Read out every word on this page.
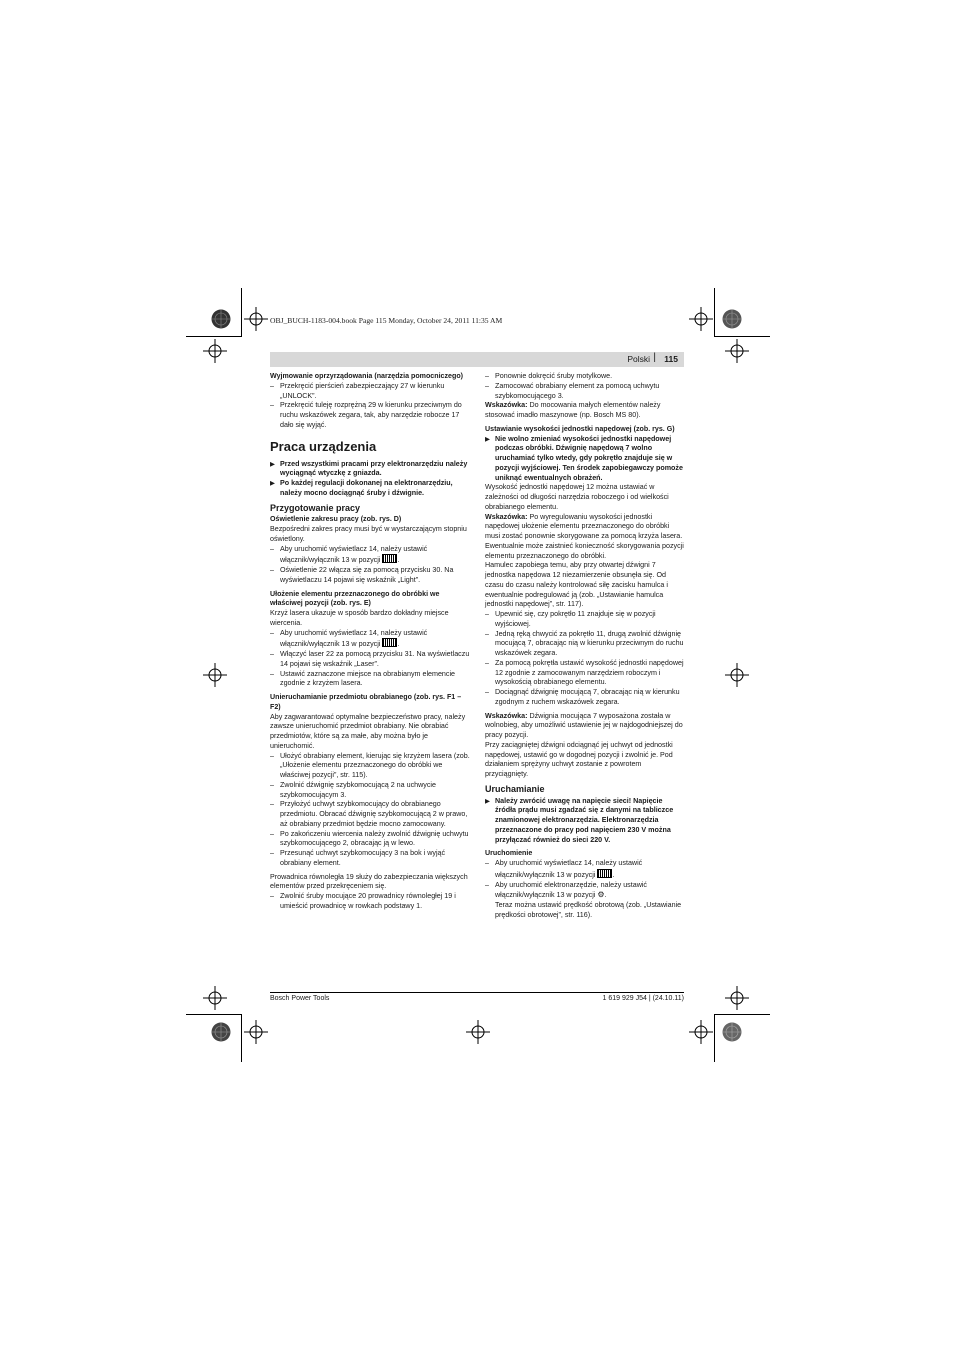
OBJ_BUCH-1183-004.book Page 115 Monday, October 24, 2011 11:35 AM
Polski | 115

Wyjmowanie oprzyrządowania (narzędzia pomocniczego)

– Przekręcić pierścień zabezpieczający 27 w kierunku „UNLOCK”.

– Przekręcić tuleję rozprężną 29 w kierunku przeciwnym do ruchu wskazówek zegara, tak, aby narzędzie robocze 17 dało się wyjąć.

Praca urządzenia

▶ Przed wszystkimi pracami przy elektronarzędziu należy wyciągnąć wtyczkę z gniazda.

▶ Po każdej regulacji dokonanej na elektronarzędziu, należy mocno dociągnąć śruby i dźwignie.

Przygotowanie pracy

Oświetlenie zakresu pracy (zob. rys. D)

Bezpośredni zakres pracy musi być w wystarczającym stopniu oświetlony.

– Aby uruchomić wyświetlacz 14, należy ustawić włącznik/wyłącznik 13 w pozycji .

– Oświetlenie 22 włącza się za pomocą przycisku 30. Na wyświetlaczu 14 pojawi się wskaźnik „Light”.

Ułożenie elementu przeznaczonego do obróbki we właściwej pozycji (zob. rys. E)

Krzyż lasera ukazuje w sposób bardzo dokładny miejsce wiercenia.

– Aby uruchomić wyświetlacz 14, należy ustawić włącznik/wyłącznik 13 w pozycji .

– Włączyć laser 22 za pomocą przycisku 31. Na wyświetlaczu 14 pojawi się wskaźnik „Laser”.

– Ustawić zaznaczone miejsce na obrabianym elemencie zgodnie z krzyżem lasera.

Unieruchamianie przedmiotu obrabianego (zob. rys. F1 – F2)

Aby zagwarantować optymalne bezpieczeństwo pracy, należy zawsze unieruchomić przedmiot obrabiany. Nie obrabiać przedmiotów, które są za małe, aby można było je unieruchomić.

– Ułożyć obrabiany element, kierując się krzyżem lasera (zob. „Ułożenie elementu przeznaczonego do obróbki we właściwej pozycji”, str. 115).

– Zwolnić dźwignię szybkomocującą 2 na uchwycie szybkomocującym 3.

– Przyłożyć uchwyt szybkomocujący do obrabianego przedmiotu. Obracać dźwignię szybkomocującą 2 w prawo, aż obrabiany przedmiot będzie mocno zamocowany.

– Po zakończeniu wiercenia należy zwolnić dźwignię uchwytu szybkomocującego 2, obracając ją w lewo.

– Przesunąć uchwyt szybkomocujący 3 na bok i wyjąć obrabiany element.

Prowadnica równoległa 19 służy do zabezpieczania większych elementów przed przekręceniem się.

– Zwolnić śruby mocujące 20 prowadnicy równoległej 19 i umieścić prowadnicę w rowkach podstawy 1.

– Ponownie dokręcić śruby motylkowe.

– Zamocować obrabiany element za pomocą uchwytu szybkomocującego 3.

Wskazówka: Do mocowania małych elementów należy stosować imadło maszynowe (np. Bosch MS 80).

Ustawianie wysokości jednostki napędowej (zob. rys. G)

▶ Nie wolno zmieniać wysokości jednostki napędowej podczas obróbki. Dźwignię napędową 7 wolno uruchamiać tylko wtedy, gdy pokrętło znajduje się w pozycji wyjściowej. Ten środek zapobiegawczy pomoże uniknąć ewentualnych obrażeń.

Wysokość jednostki napędowej 12 można ustawiać w zależności od długości narzędzia roboczego i od wielkości obrabianego elementu.

Wskazówka: Po wyregulowaniu wysokości jednostki napędowej ułożenie elementu przeznaczonego do obróbki musi zostać ponownie skorygowane za pomocą krzyża lasera. Ewentualnie może zaistnieć konieczność skorygowania pozycji elementu przeznaczonego do obróbki.

Hamulec zapobiega temu, aby przy otwartej dźwigni 7 jednostka napędowa 12 niezamierzenie obsunęła się. Od czasu do czasu należy kontrolować siłę zacisku hamulca i ewentualnie podregulować ją (zob. „Ustawianie hamulca jednostki napędowej”, str. 117).

– Upewnić się, czy pokrętło 11 znajduje się w pozycji wyjściowej.

– Jedną ręką chwycić za pokrętło 11, drugą zwolnić dźwignię mocującą 7, obracając nią w kierunku przeciwnym do ruchu wskazówek zegara.

– Za pomocą pokrętła ustawić wysokość jednostki napędowej 12 zgodnie z zamocowanym narzędziem roboczym i wysokością obrabianego elementu.

– Dociągnąć dźwignię mocującą 7, obracając nią w kierunku zgodnym z ruchem wskazówek zegara.

Wskazówka: Dźwignia mocująca 7 wyposażona została w wolnobieg, aby umożliwić ustawienie jej w najdogodniejszej do pracy pozycji.

Przy zaciągniętej dźwigni odciągnąć jej uchwyt od jednostki napędowej, ustawić go w dogodnej pozycji i zwolnić je. Pod działaniem sprężyny uchwyt zostanie z powrotem przyciągnięty.

Uruchamianie

▶ Należy zwrócić uwagę na napięcie sieci! Napięcie źródła prądu musi zgadzać się z danymi na tabliczce znamionowej elektronarzędzia. Elektronarzędzia przeznaczone do pracy pod napięciem 230 V można przyłączać również do sieci 220 V.

Uruchomienie

– Aby uruchomić wyświetlacz 14, należy ustawić włącznik/wyłącznik 13 w pozycji .

– Aby uruchomić elektronarzędzie, należy ustawić włącznik/wyłącznik 13 w pozycji ⚙.
Teraz można ustawić prędkość obrotową (zob. „Ustawianie prędkości obrotowej”, str. 116).

Bosch Power Tools	1 619 929 J54 | (24.10.11)
